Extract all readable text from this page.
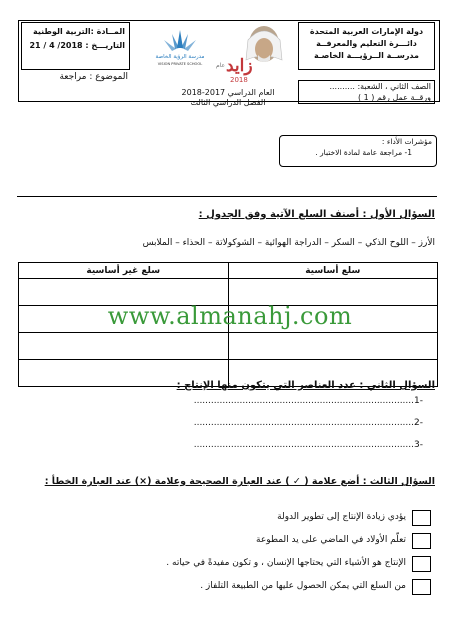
دولة الإمارات العربية المتحدة
دائـــرة التعليم والمعرفــة
مدرســة الــرؤيـــة الخاصـة
المــادة :التربية الوطنية
التاريـــخ : 21 / 4 /2018
الموضوع : مراجعة
الصف الثاني ، الشعبة: ..........
ورقــة عمل رقم ( 1 )
العام الدراسي 2017-2018
الفصل الدراسي الثالث
مدرسة الرؤية الخاصة
VISION PRIVATE SCHOOL	زايد
عام
2018
مؤشرات الأداء :
1- مراجعة عامة لمادة الاختبار .
السؤال الأول : أصنف السلع الآتية وفق الجدول :
الأرز – اللوح الذكي – السكر – الدراجة الهوائية – الشوكولاتة – الحذاء – الملابس
سلع غير أساسية	سلع أساسية

www.almanahj.com
السؤال الثاني : عدد العناصر التي يتكون منها الإنتاج :
-1.............................................................................
-2.............................................................................
-3.............................................................................
السؤال الثالث : أضع علامة ( ✓ ) عند العبارة الصحيحة وعلامة (×) عند العبارة الخطأ :
يؤدي زيادة الإنتاج إلى تطوير الدولة
تعلّم الأولاد في الماضي على يد المطوعة
الإنتاج هو الأشياء التي يحتاجها الإنسان ، و تكون مفيدةً في حياته .
من السلع التي يمكن الحصول عليها من الطبيعة التلفاز .
